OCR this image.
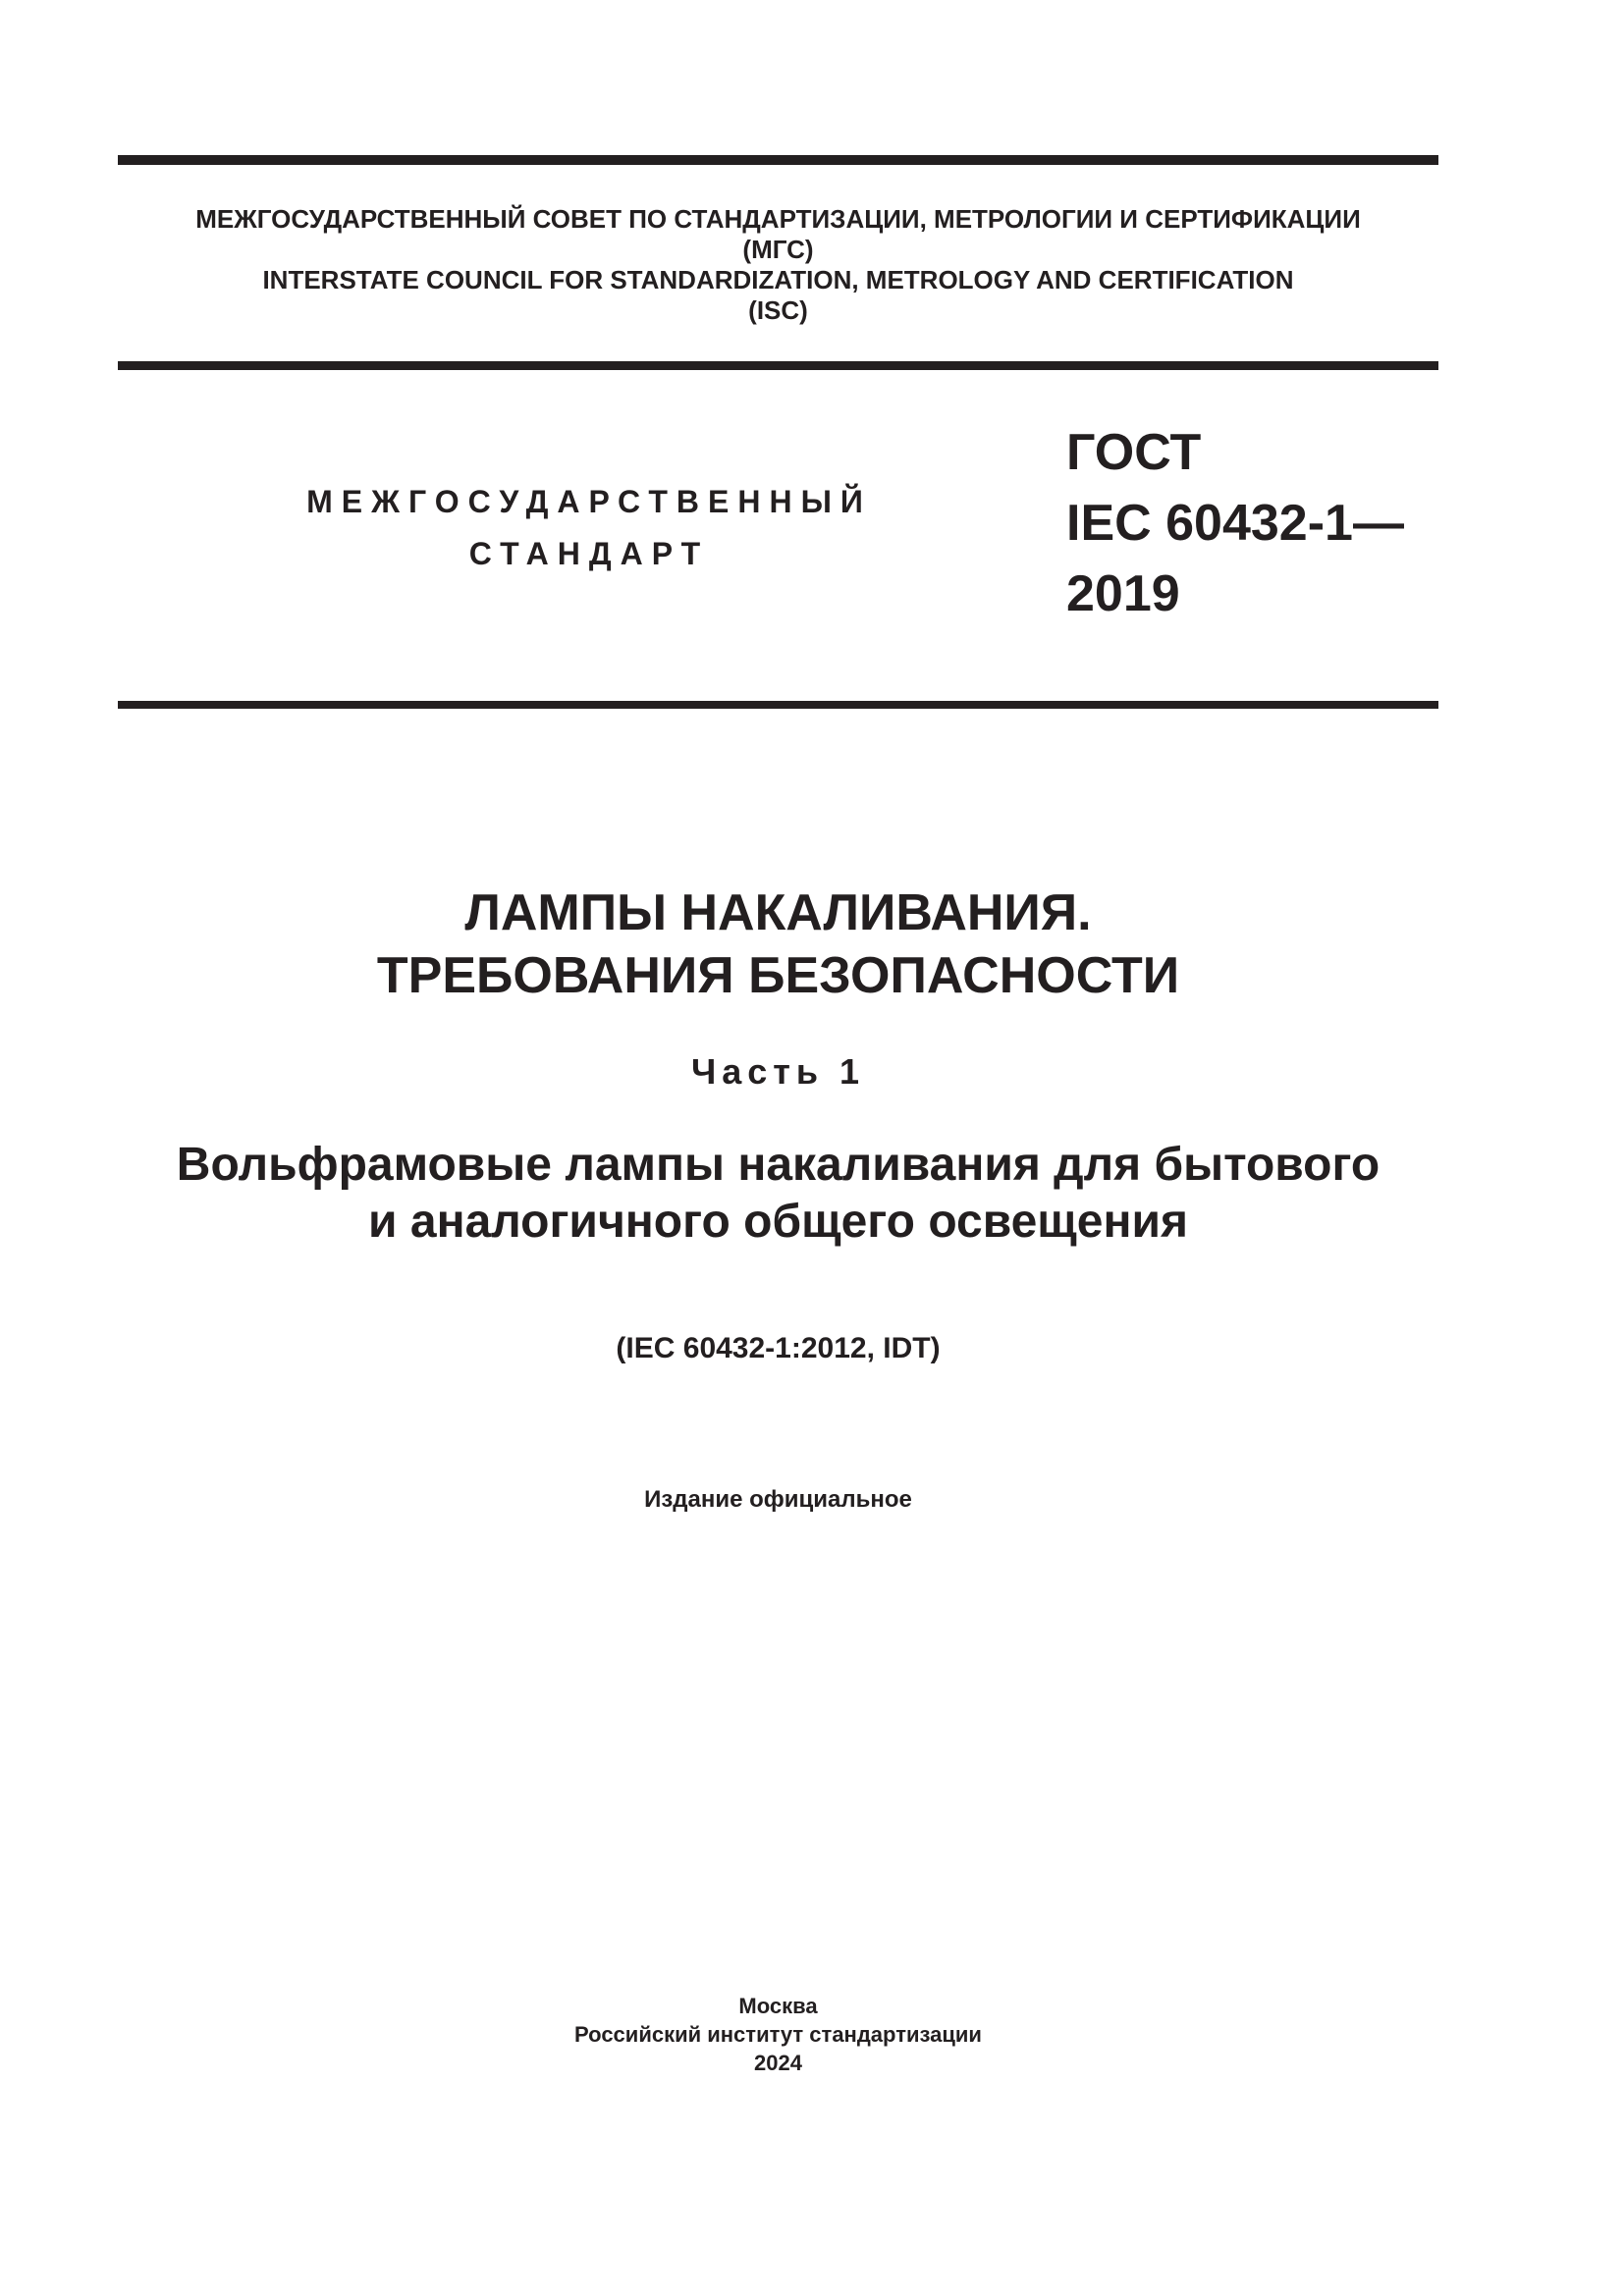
МЕЖГОСУДАРСТВЕННЫЙ СОВЕТ ПО СТАНДАРТИЗАЦИИ, МЕТРОЛОГИИ И СЕРТИФИКАЦИИ
(МГС)
INTERSTATE COUNCIL FOR STANDARDIZATION, METROLOGY AND CERTIFICATION
(ISC)
МЕЖГОСУДАРСТВЕННЫЙ
СТАНДАРТ
ГОСТ
IEC 60432-1—
2019
ЛАМПЫ НАКАЛИВАНИЯ.
ТРЕБОВАНИЯ БЕЗОПАСНОСТИ
Часть 1
Вольфрамовые лампы накаливания для бытового
и аналогичного общего освещения
(IEC 60432-1:2012, IDT)
Издание официальное
Москва
Российский институт стандартизации
2024
